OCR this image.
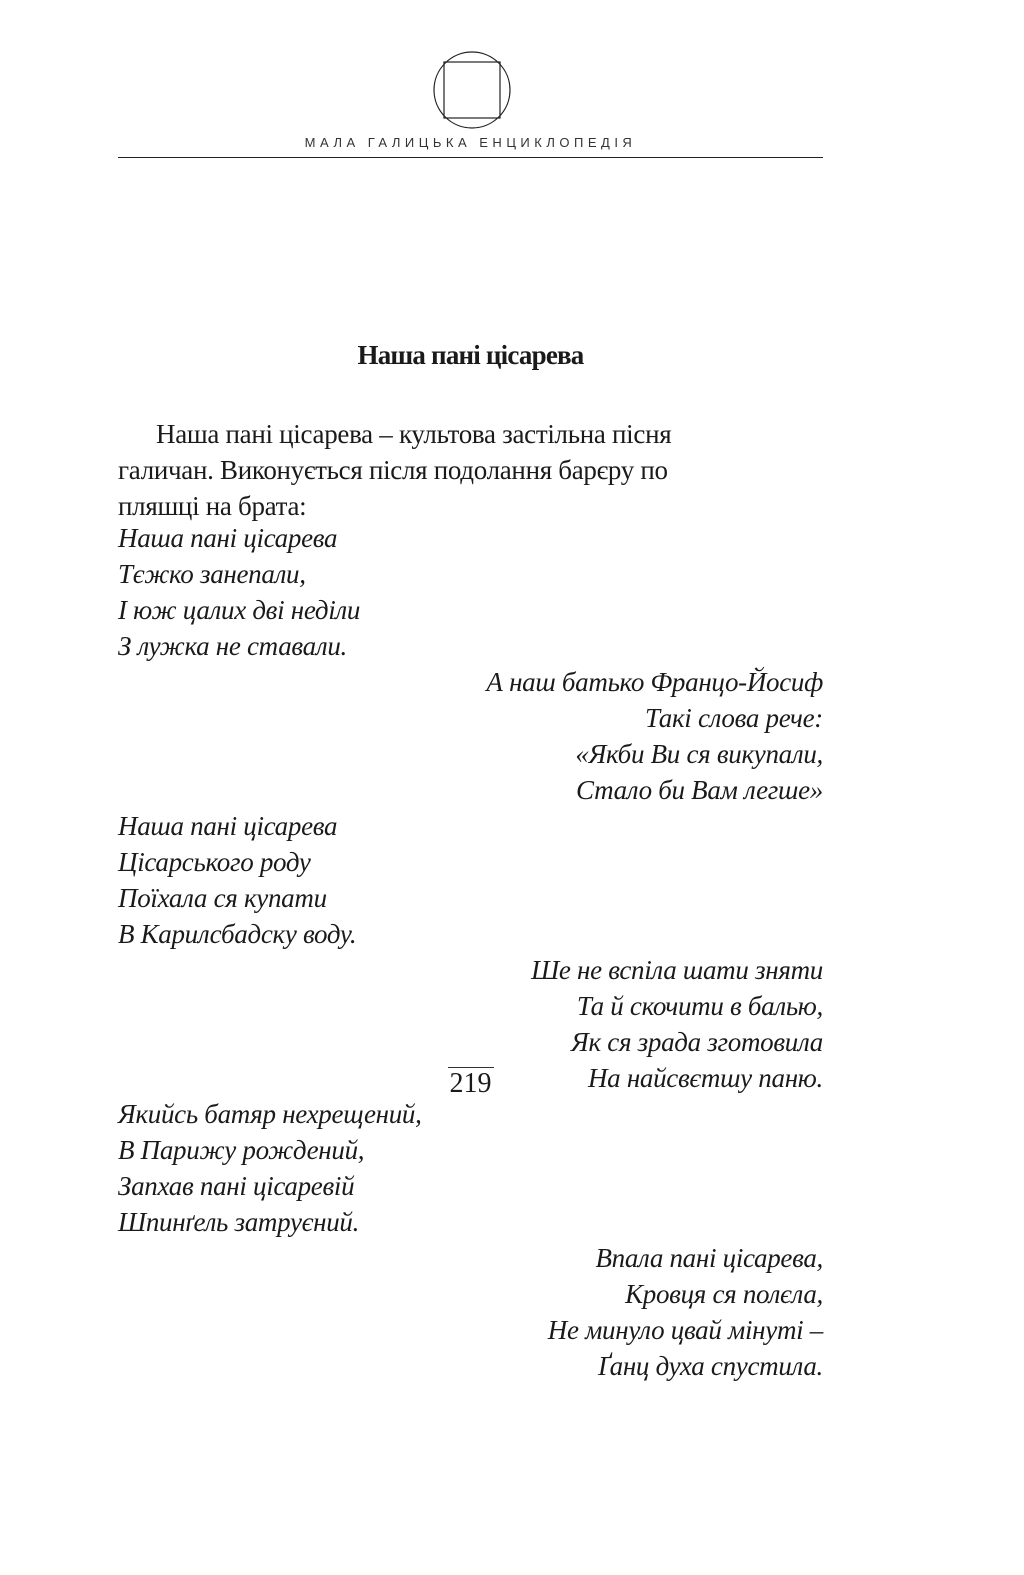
МАЛА ГАЛИЦЬКА ЕНЦИКЛОПЕДІЯ
Наша пані цісарева
Наша пані цісарева – культова застільна пісня
галичан. Виконується після подолання барєру по
пляшці на брата:
Наша пані цісарева
Тєжко занепали,
І юж цалих дві неділи
З лужка не ставали.
А наш батько Францо-Йосиф
Такі слова рече:
«Якби Ви ся викупали,
Стало би Вам легше»
Наша пані цісарева
Цісарського роду
Поїхала ся купати
В Карилсбадску воду.
Ше не вспіла шати зняти
Та й скочити в балью,
Як ся зрада зготовила
На найсвєтшу паню.
Якийсь батяр нехрещений,
В Парижу рождений,
Запхав пані цісаревій
Шпинґель затруєний.
Впала пані цісарева,
Кровця ся полєла,
Не минуло цвай мінуті –
Ґанц духа спустила.
219
